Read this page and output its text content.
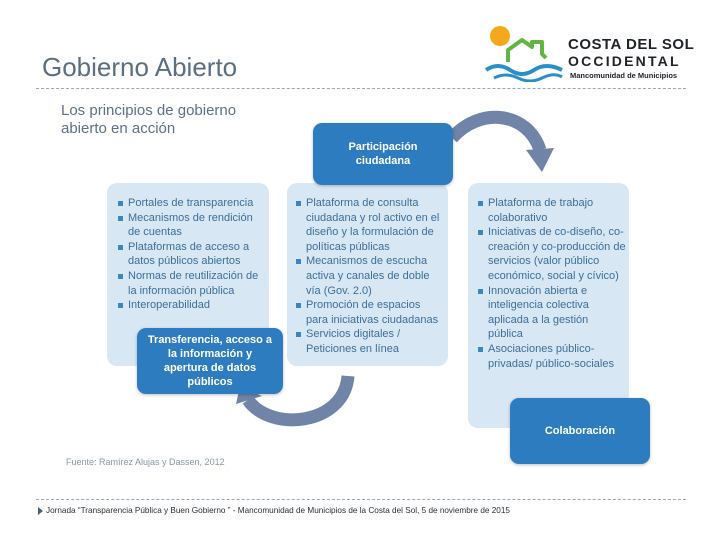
Gobierno Abierto
COSTA DEL SOL
OCCIDENTAL
Mancomunidad de Municipios
Los principios de gobierno abierto en acción
Portales de transparencia
Mecanismos de rendición de cuentas
Plataformas de acceso a datos públicos abiertos
Normas de reutilización de la información pública
Interoperabilidad
Plataforma de consulta ciudadana y rol activo en el diseño y la formulación de políticas públicas
Mecanismos de escucha activa y canales de doble vía (Gov. 2.0)
Promoción de espacios para iniciativas ciudadanas
Servicios digitales / Peticiones en línea
Plataforma de trabajo colaborativo
Iniciativas de co-diseño, co-creación y co-producción de servicios (valor público económico, social y cívico)
Innovación abierta e inteligencia colectiva aplicada a la gestión pública
Asociaciones público-privadas/ público-sociales
Participación ciudadana
Transferencia, acceso a la información y apertura de datos públicos
Colaboración
Fuente: Ramírez Alujas y Dassen, 2012
Jornada “Transparencia Pública y Buen Gobierno ” - Mancomunidad de Municipios de la Costa del Sol, 5 de noviembre de 2015
